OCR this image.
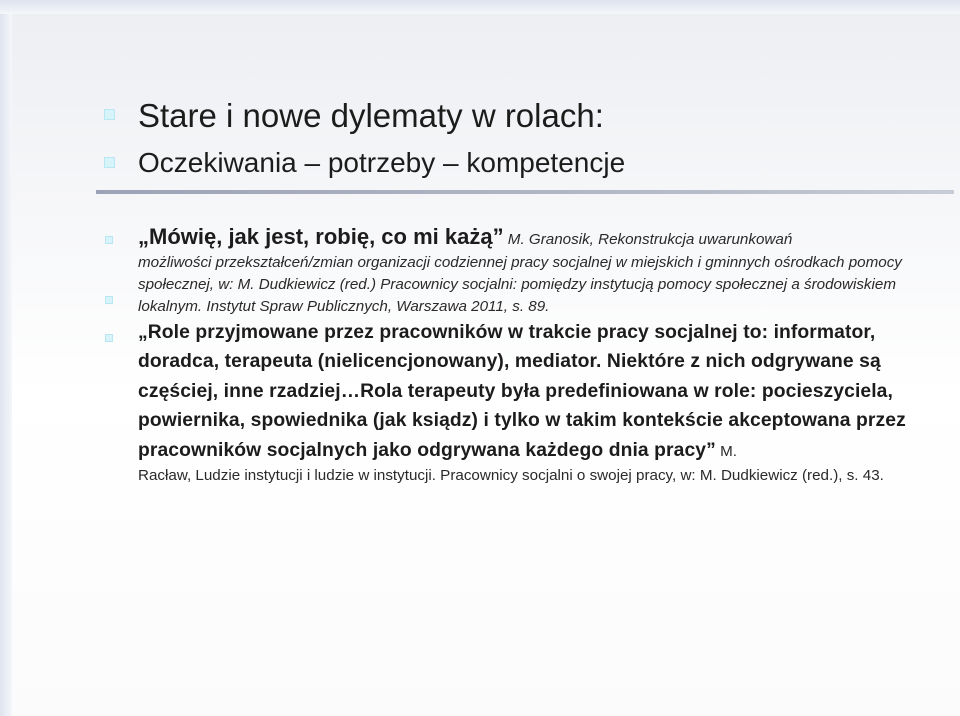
Stare i nowe dylematy w rolach:
Oczekiwania – potrzeby – kompetencje
„Mówię, jak jest, robię, co mi każą” M. Granosik, Rekonstrukcja uwarunkowań
możliwości przekształceń/zmian organizacji codziennej pracy socjalnej w miejskich i gminnych ośrodkach pomocy społecznej, w: M. Dudkiewicz (red.) Pracownicy socjalni: pomiędzy instytucją pomocy społecznej a środowiskiem lokalnym. Instytut Spraw Publicznych, Warszawa 2011, s. 89.
„Role przyjmowane przez pracowników w trakcie pracy socjalnej to: informator, doradca, terapeuta (nielicencjonowany), mediator. Niektóre z nich odgrywane są częściej, inne rzadziej…Rola terapeuty była predefiniowana w role: pocieszyciela, powiernika, spowiednika (jak ksiądz) i tylko w takim kontekście akceptowana przez pracowników socjalnych jako odgrywana każdego dnia pracy” M.
Racław, Ludzie instytucji i ludzie w instytucji. Pracownicy socjalni o swojej pracy, w: M. Dudkiewicz (red.), s. 43.
